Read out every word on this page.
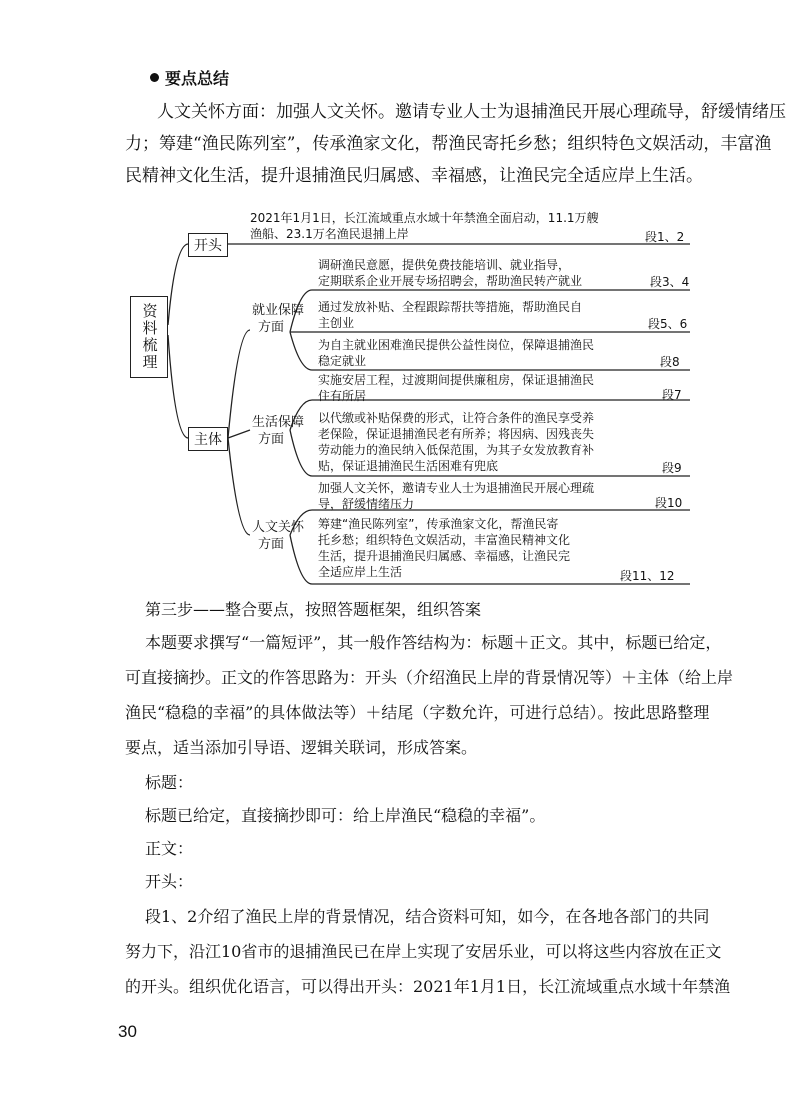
要点总结
人文关怀方面：加强人文关怀。邀请专业人士为退捕渔民开展心理疏导，舒缓情绪压
力；筹建“渔民陈列室”，传承渔家文化，帮渔民寄托乡愁；组织特色文娱活动，丰富渔
民精神文化生活，提升退捕渔民归属感、幸福感，让渔民完全适应岸上生活。
资料梳理
开头
2021年1月1日，长江流域重点水域十年禁渔全面启动，11.1万艘
渔船、23.1万名渔民退捕上岸	段1、2
主体
就业保障
方面
调研渔民意愿，提供免费技能培训、就业指导，
定期联系企业开展专场招聘会，帮助渔民转产就业	段3、4
通过发放补贴、全程跟踪帮扶等措施，帮助渔民自
主创业	段5、6
为自主就业困难渔民提供公益性岗位，保障退捕渔民
稳定就业	段8
生活保障
方面
实施安居工程，过渡期间提供廉租房，保证退捕渔民
住有所居	段7
以代缴或补贴保费的形式，让符合条件的渔民享受养
老保险，保证退捕渔民老有所养；将因病、因残丧失
劳动能力的渔民纳入低保范围，为其子女发放教育补
贴，保证退捕渔民生活困难有兜底	段9
人文关怀
方面
加强人文关怀，邀请专业人士为退捕渔民开展心理疏
导，舒缓情绪压力	段10
筹建“渔民陈列室”，传承渔家文化，帮渔民寄
托乡愁；组织特色文娱活动，丰富渔民精神文化
生活，提升退捕渔民归属感、幸福感，让渔民完
全适应岸上生活	段11、12
第三步——整合要点，按照答题框架，组织答案
本题要求撰写“一篇短评”，其一般作答结构为：标题＋正文。其中，标题已给定，
可直接摘抄。正文的作答思路为：开头（介绍渔民上岸的背景情况等）＋主体（给上岸
渔民“稳稳的幸福”的具体做法等）＋结尾（字数允许，可进行总结）。按此思路整理
要点，适当添加引导语、逻辑关联词，形成答案。
标题：
标题已给定，直接摘抄即可：给上岸渔民“稳稳的幸福”。
正文：
开头：
段1、2介绍了渔民上岸的背景情况，结合资料可知，如今，在各地各部门的共同
努力下，沿江10省市的退捕渔民已在岸上实现了安居乐业，可以将这些内容放在正文
的开头。组织优化语言，可以得出开头：2021年1月1日，长江流域重点水域十年禁渔
30
